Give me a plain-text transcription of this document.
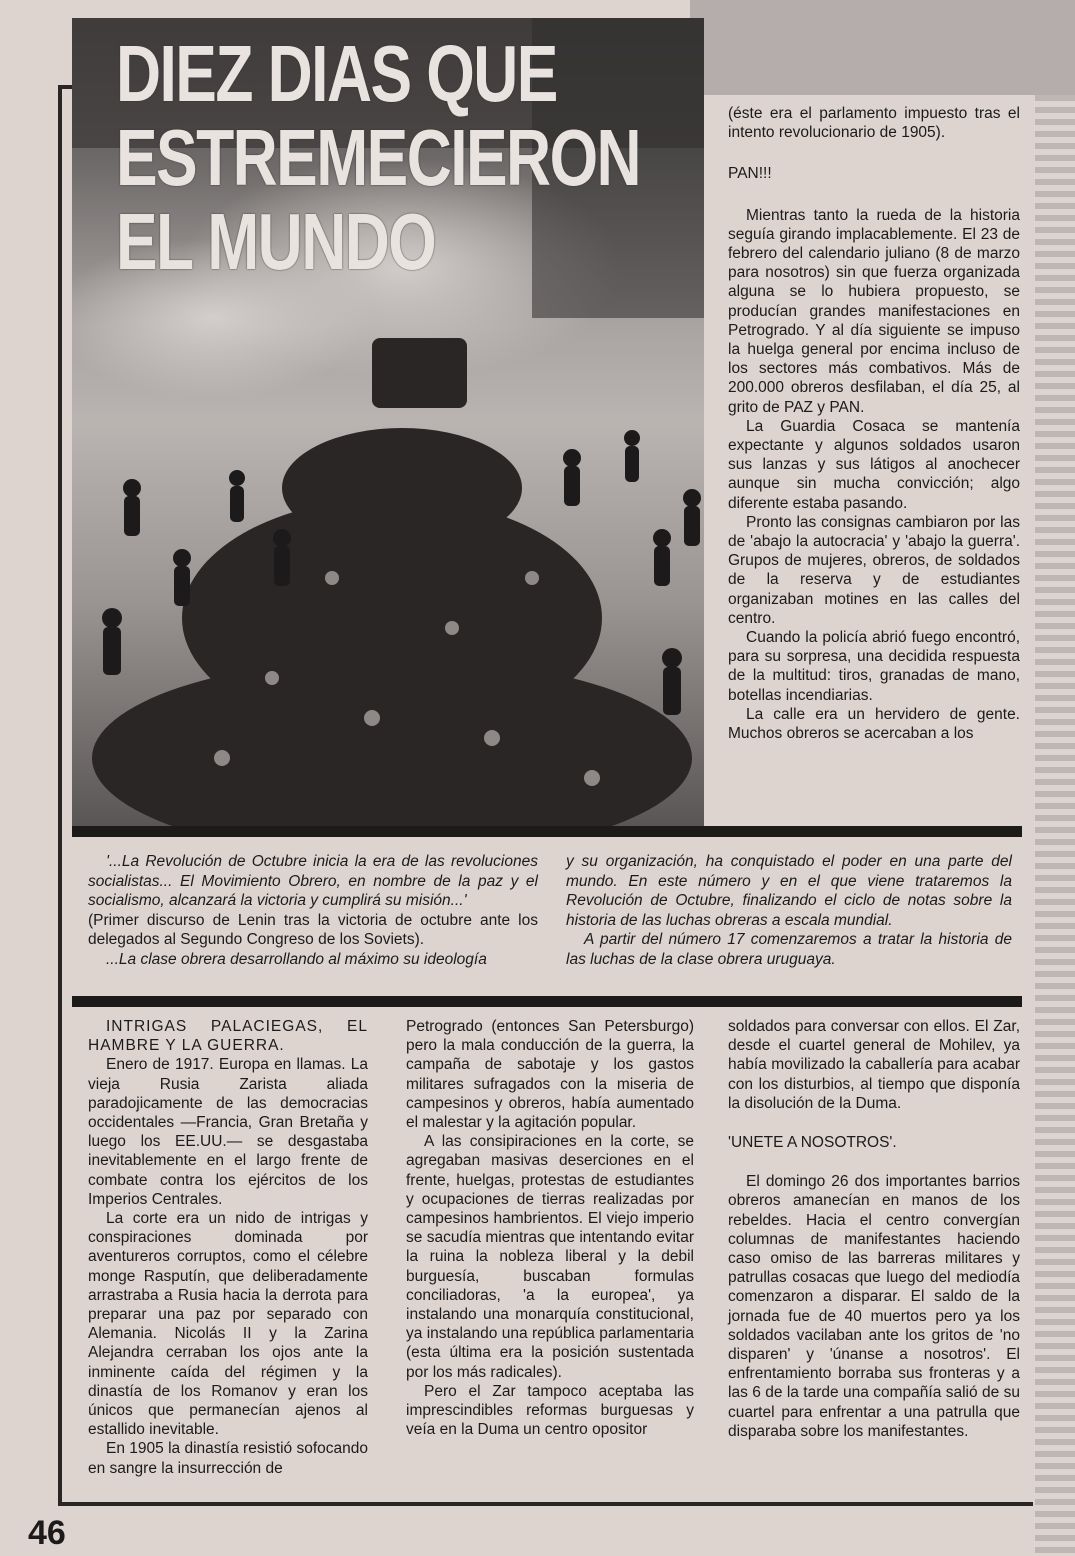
DIEZ DIAS QUE
ESTREMECIERON
EL MUNDO

(éste era el parlamento impuesto tras el intento revolucionario de 1905).

PAN!!!

Mientras tanto la rueda de la historia seguía girando implacablemente. El 23 de febrero del calendario juliano (8 de marzo para nosotros) sin que fuerza organizada alguna se lo hubiera propuesto, se producían grandes manifestaciones en Petrogrado. Y al día siguiente se impuso la huelga general por encima incluso de los sectores más combativos. Más de 200.000 obreros desfilaban, el día 25, al grito de PAZ y PAN.

La Guardia Cosaca se mantenía expectante y algunos soldados usaron sus lanzas y sus látigos al anochecer aunque sin mucha convicción; algo diferente estaba pasando.

Pronto las consignas cambiaron por las de 'abajo la autocracia' y 'abajo la guerra'. Grupos de mujeres, obreros, de soldados de la reserva y de estudiantes organizaban motines en las calles del centro.

Cuando la policía abrió fuego encontró, para su sorpresa, una decidida respuesta de la multitud: tiros, granadas de mano, botellas incendiarias.

La calle era un hervidero de gente. Muchos obreros se acercaban a los

'...La Revolución de Octubre inicia la era de las revoluciones socialistas... El Movimiento Obrero, en nombre de la paz y el socialismo, alcanzará la victoria y cumplirá su misión...'

(Primer discurso de Lenin tras la victoria de octubre ante los delegados al Segundo Congreso de los Soviets).

...La clase obrera desarrollando al máximo su ideología

y su organización, ha conquistado el poder en una parte del mundo. En este número y en el que viene trataremos la Revolución de Octubre, finalizando el ciclo de notas sobre la historia de las luchas obreras a escala mundial.

A partir del número 17 comenzaremos a tratar la historia de las luchas de la clase obrera uruguaya.

INTRIGAS PALACIEGAS, EL HAMBRE Y LA GUERRA.

Enero de 1917. Europa en llamas. La vieja Rusia Zarista aliada paradojicamente de las democracias occidentales —Francia, Gran Bretaña y luego los EE.UU.— se desgastaba inevitablemente en el largo frente de combate contra los ejércitos de los Imperios Centrales.

La corte era un nido de intrigas y conspiraciones dominada por aventureros corruptos, como el célebre monge Rasputín, que deliberadamente arrastraba a Rusia hacia la derrota para preparar una paz por separado con Alemania. Nicolás II y la Zarina Alejandra cerraban los ojos ante la inminente caída del régimen y la dinastía de los Romanov y eran los únicos que permanecían ajenos al estallido inevitable.

En 1905 la dinastía resistió sofocando en sangre la insurrección de

Petrogrado (entonces San Petersburgo) pero la mala conducción de la guerra, la campaña de sabotaje y los gastos militares sufragados con la miseria de campesinos y obreros, había aumentado el malestar y la agitación popular.

A las consipiraciones en la corte, se agregaban masivas deserciones en el frente, huelgas, protestas de estudiantes y ocupaciones de tierras realizadas por campesinos hambrientos. El viejo imperio se sacudía mientras que intentando evitar la ruina la nobleza liberal y la debil burguesía, buscaban formulas conciliadoras, 'a la europea', ya instalando una monarquía constitucional, ya instalando una república parlamentaria (esta última era la posición sustentada por los más radicales).

Pero el Zar tampoco aceptaba las imprescindibles reformas burguesas y veía en la Duma un centro opositor

soldados para conversar con ellos. El Zar, desde el cuartel general de Mohilev, ya había movilizado la caballería para acabar con los disturbios, al tiempo que disponía la disolución de la Duma.

'UNETE A NOSOTROS'.

El domingo 26 dos importantes barrios obreros amanecían en manos de los rebeldes. Hacia el centro convergían columnas de manifestantes haciendo caso omiso de las barreras militares y patrullas cosacas que luego del mediodía comenzaron a disparar. El saldo de la jornada fue de 40 muertos pero ya los soldados vacilaban ante los gritos de 'no disparen' y 'únanse a nosotros'. El enfrentamiento borraba sus fronteras y a las 6 de la tarde una compañía salió de su cuartel para enfrentar a una patrulla que disparaba sobre los manifestantes.

46
